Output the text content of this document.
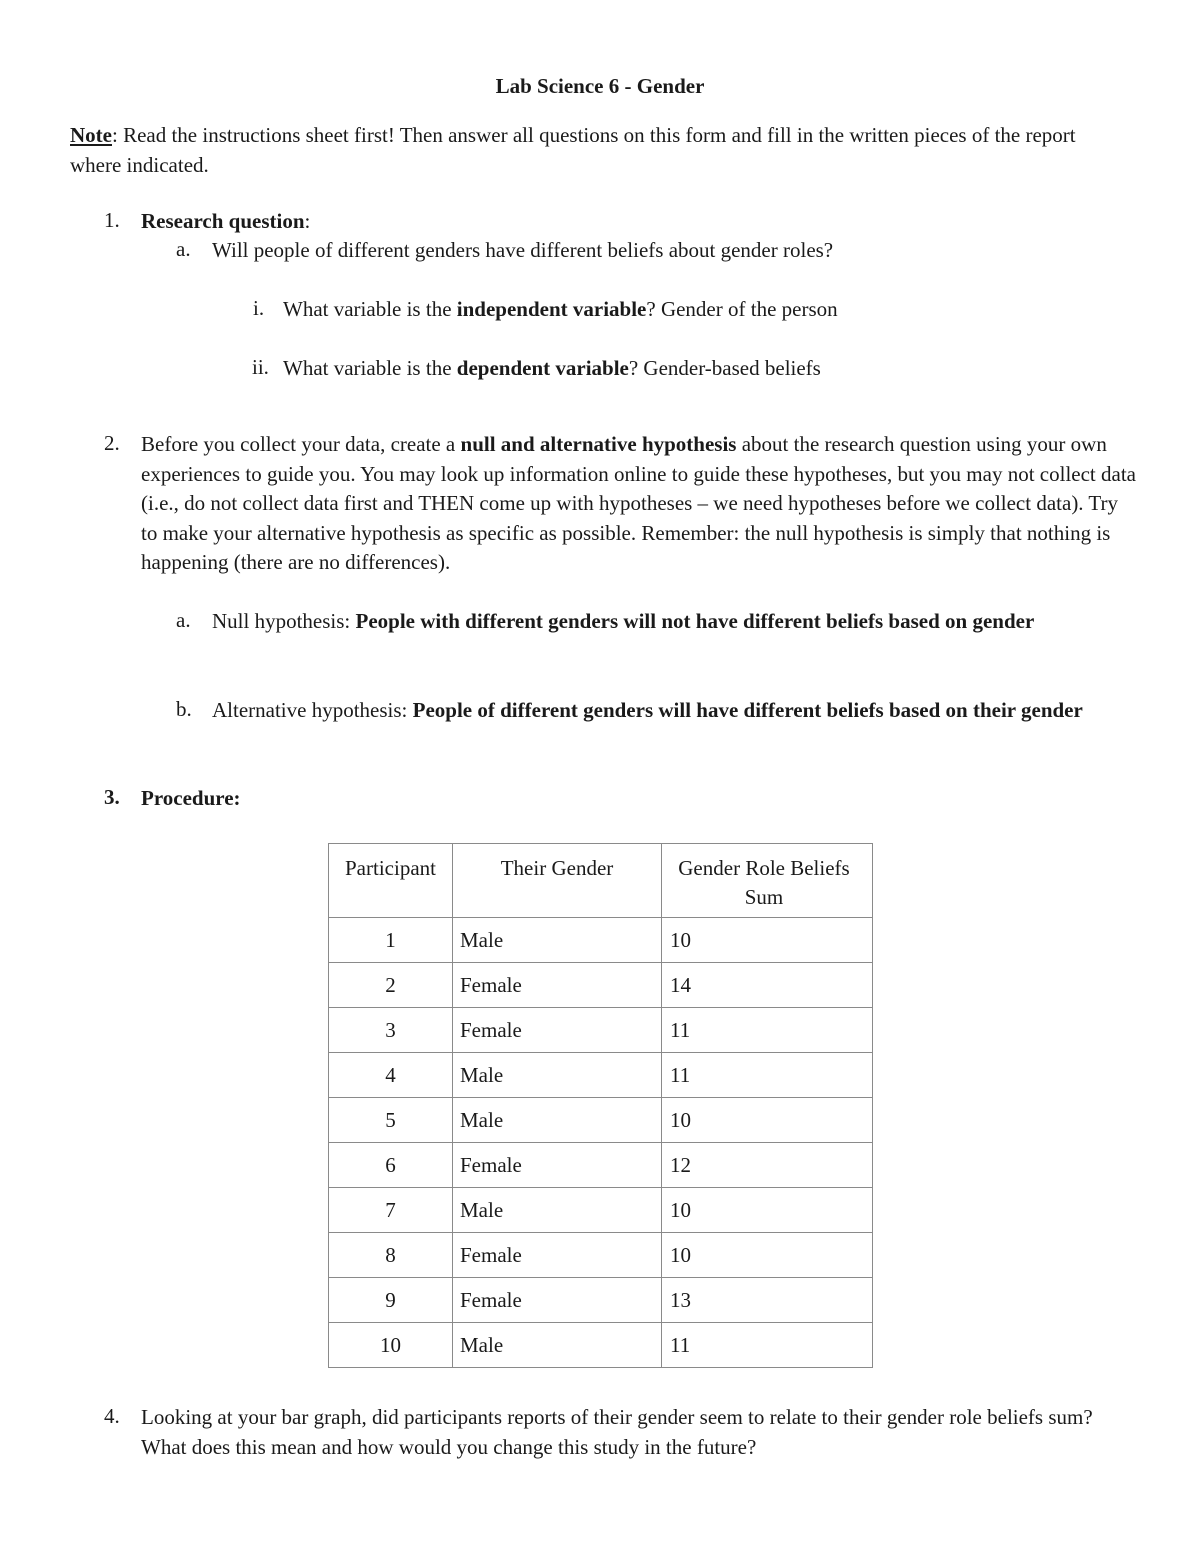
Lab Science 6 - Gender
Note: Read the instructions sheet first! Then answer all questions on this form and fill in the written pieces of the report where indicated.
1. Research question:
a. Will people of different genders have different beliefs about gender roles?
i. What variable is the independent variable? Gender of the person
ii. What variable is the dependent variable? Gender-based beliefs
2. Before you collect your data, create a null and alternative hypothesis about the research question using your own experiences to guide you. You may look up information online to guide these hypotheses, but you may not collect data (i.e., do not collect data first and THEN come up with hypotheses – we need hypotheses before we collect data). Try to make your alternative hypothesis as specific as possible. Remember: the null hypothesis is simply that nothing is happening (there are no differences).
a. Null hypothesis: People with different genders will not have different beliefs based on gender
b. Alternative hypothesis: People of different genders will have different beliefs based on their gender
3. Procedure:
Participant	Their Gender	Gender Role Beliefs Sum
1	Male	10
2	Female	14
3	Female	11
4	Male	11
5	Male	10
6	Female	12
7	Male	10
8	Female	10
9	Female	13
10	Male	11
4. Looking at your bar graph, did participants reports of their gender seem to relate to their gender role beliefs sum? What does this mean and how would you change this study in the future?
